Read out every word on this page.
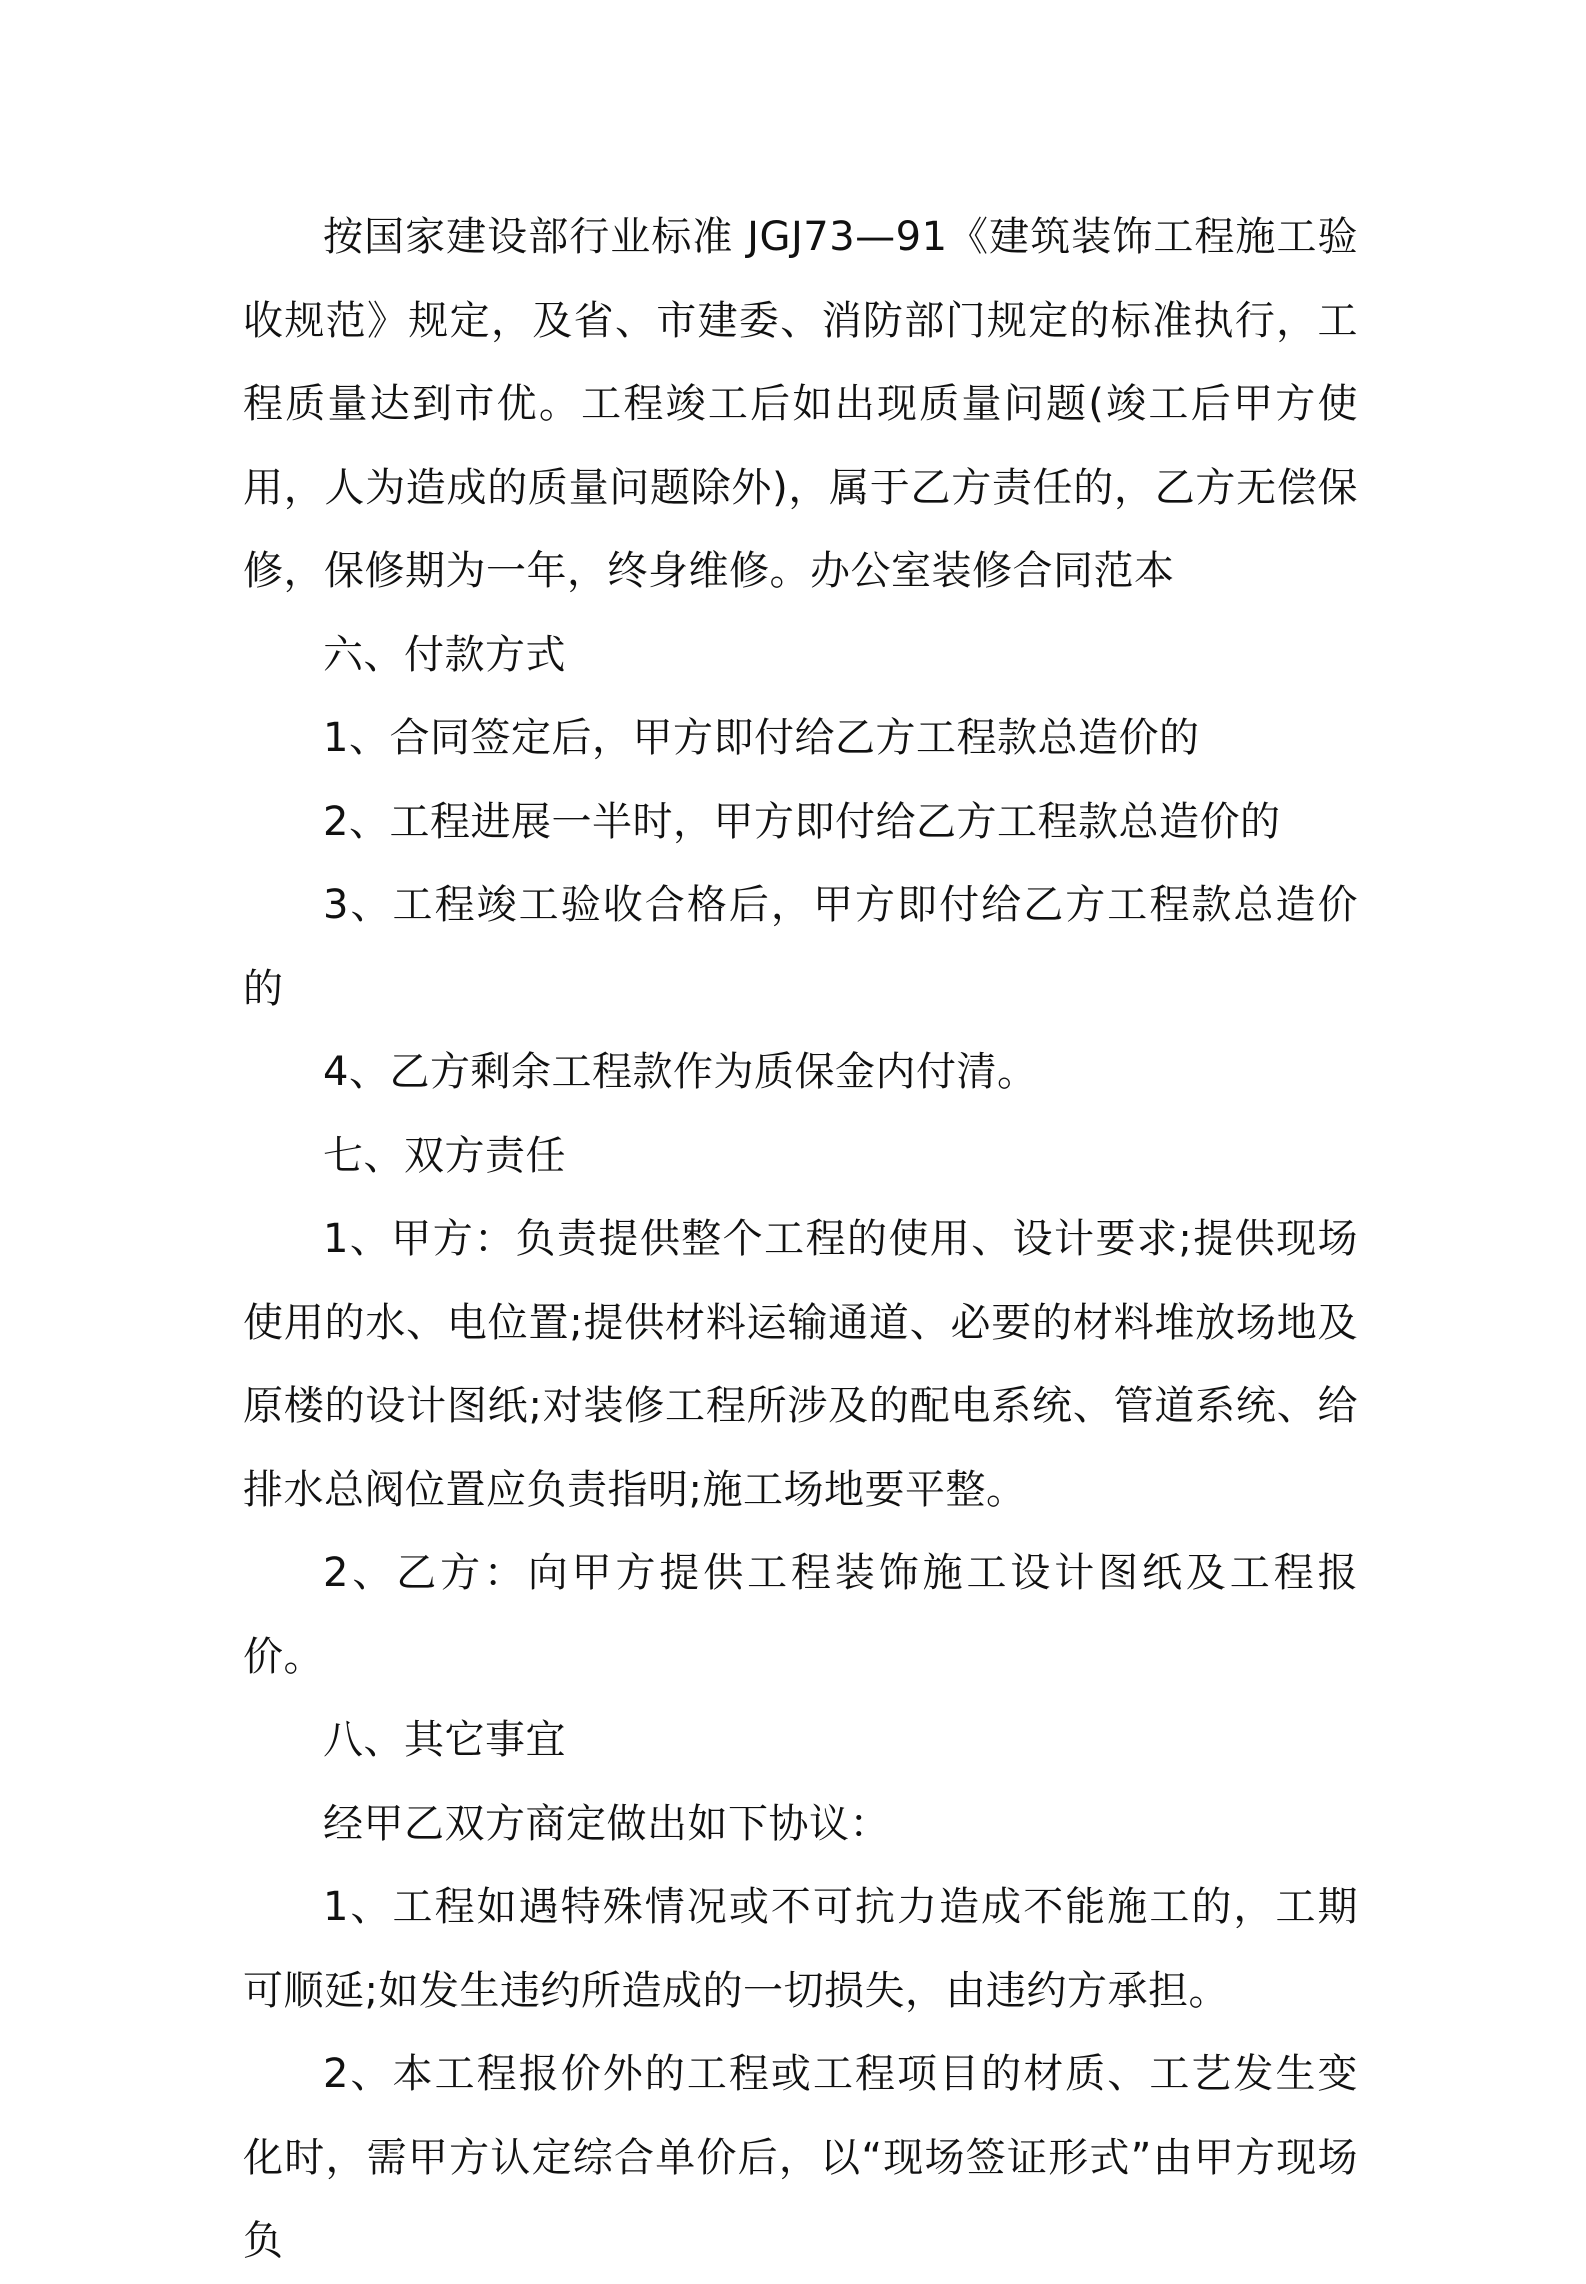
按国家建设部行业标准 JGJ73—91《建筑装饰工程施工验收规范》规定，及省、市建委、消防部门规定的标准执行，工程质量达到市优。工程竣工后如出现质量问题(竣工后甲方使用，人为造成的质量问题除外)，属于乙方责任的，乙方无偿保修，保修期为一年，终身维修。办公室装修合同范本

六、付款方式

1、合同签定后，甲方即付给乙方工程款总造价的

2、工程进展一半时，甲方即付给乙方工程款总造价的

3、工程竣工验收合格后，甲方即付给乙方工程款总造价的

4、乙方剩余工程款作为质保金内付清。

七、双方责任

1、甲方：负责提供整个工程的使用、设计要求;提供现场使用的水、电位置;提供材料运输通道、必要的材料堆放场地及原楼的设计图纸;对装修工程所涉及的配电系统、管道系统、给排水总阀位置应负责指明;施工场地要平整。

2、乙方：向甲方提供工程装饰施工设计图纸及工程报价。

八、其它事宜

经甲乙双方商定做出如下协议：

1、工程如遇特殊情况或不可抗力造成不能施工的，工期可顺延;如发生违约所造成的一切损失，由违约方承担。

2、本工程报价外的工程或工程项目的材质、工艺发生变化时，需甲方认定综合单价后，以“现场签证形式”由甲方现场负
